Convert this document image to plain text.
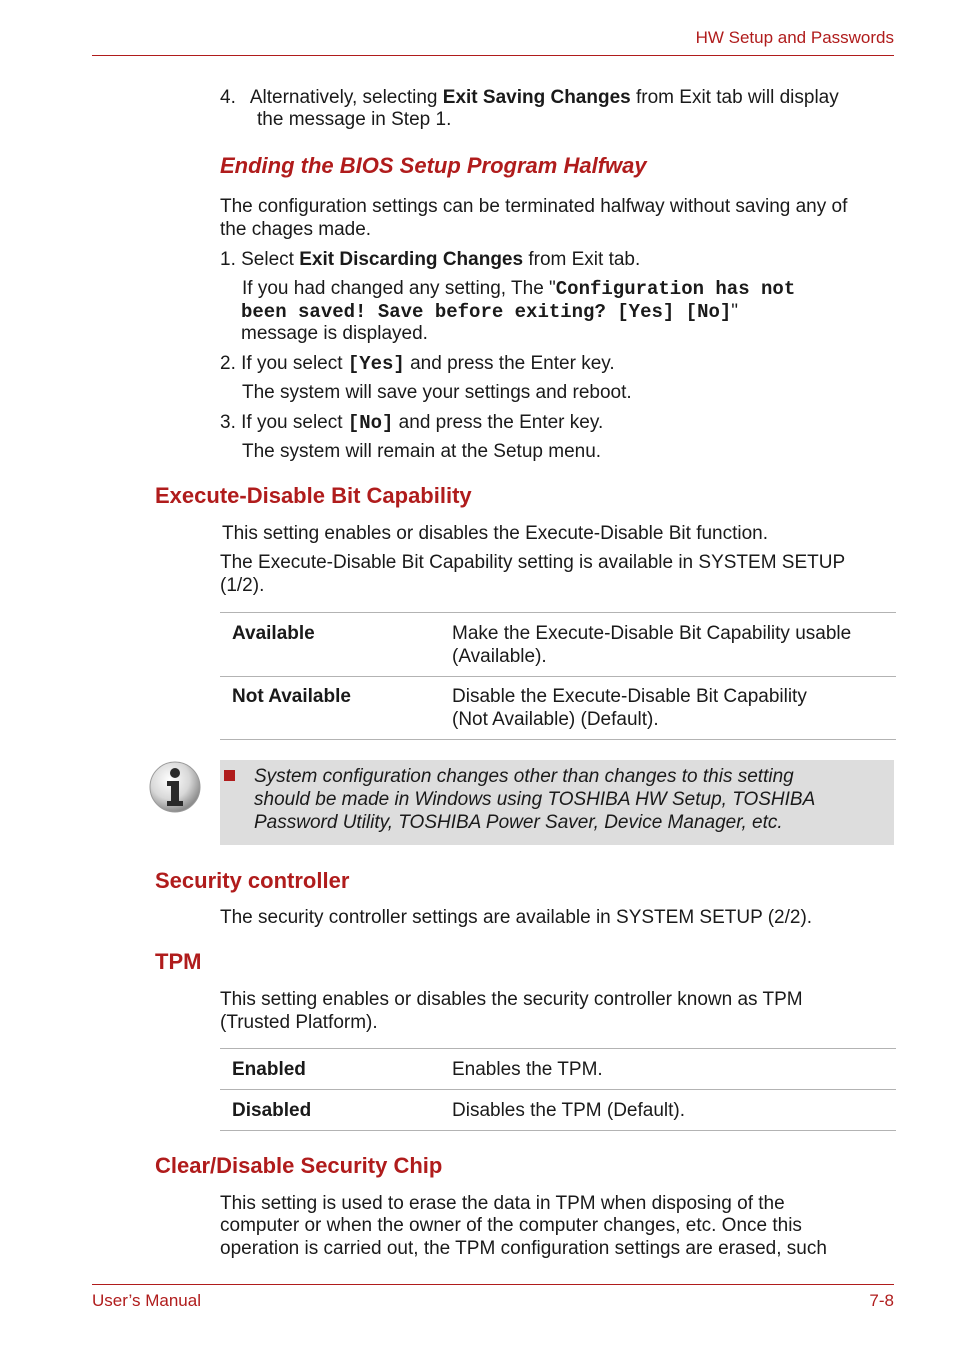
HW Setup and Passwords
4. Alternatively, selecting Exit Saving Changes from Exit tab will display
the message in Step 1.
Ending the BIOS Setup Program Halfway
The configuration settings can be terminated halfway without saving any of
the chages made.
1. Select Exit Discarding Changes from Exit tab.
If you had changed any setting, The "Configuration has not
been saved! Save before exiting? [Yes] [No]"
message is displayed.
2. If you select [Yes] and press the Enter key.
The system will save your settings and reboot.
3. If you select [No] and press the Enter key.
The system will remain at the Setup menu.
Execute-Disable Bit Capability
This setting enables or disables the Execute-Disable Bit function.
The Execute-Disable Bit Capability setting is available in SYSTEM SETUP
(1/2).
Available	Make the Execute-Disable Bit Capability usable
(Available).
Not Available	Disable the Execute-Disable Bit Capability
(Not Available) (Default).
System configuration changes other than changes to this setting
should be made in Windows using TOSHIBA HW Setup, TOSHIBA
Password Utility, TOSHIBA Power Saver, Device Manager, etc.
Security controller
The security controller settings are available in SYSTEM SETUP (2/2).
TPM
This setting enables or disables the security controller known as TPM
(Trusted Platform).
Enabled	Enables the TPM.
Disabled	Disables the TPM (Default).
Clear/Disable Security Chip
This setting is used to erase the data in TPM when disposing of the
computer or when the owner of the computer changes, etc. Once this
operation is carried out, the TPM configuration settings are erased, such
User’s Manual	7-8
